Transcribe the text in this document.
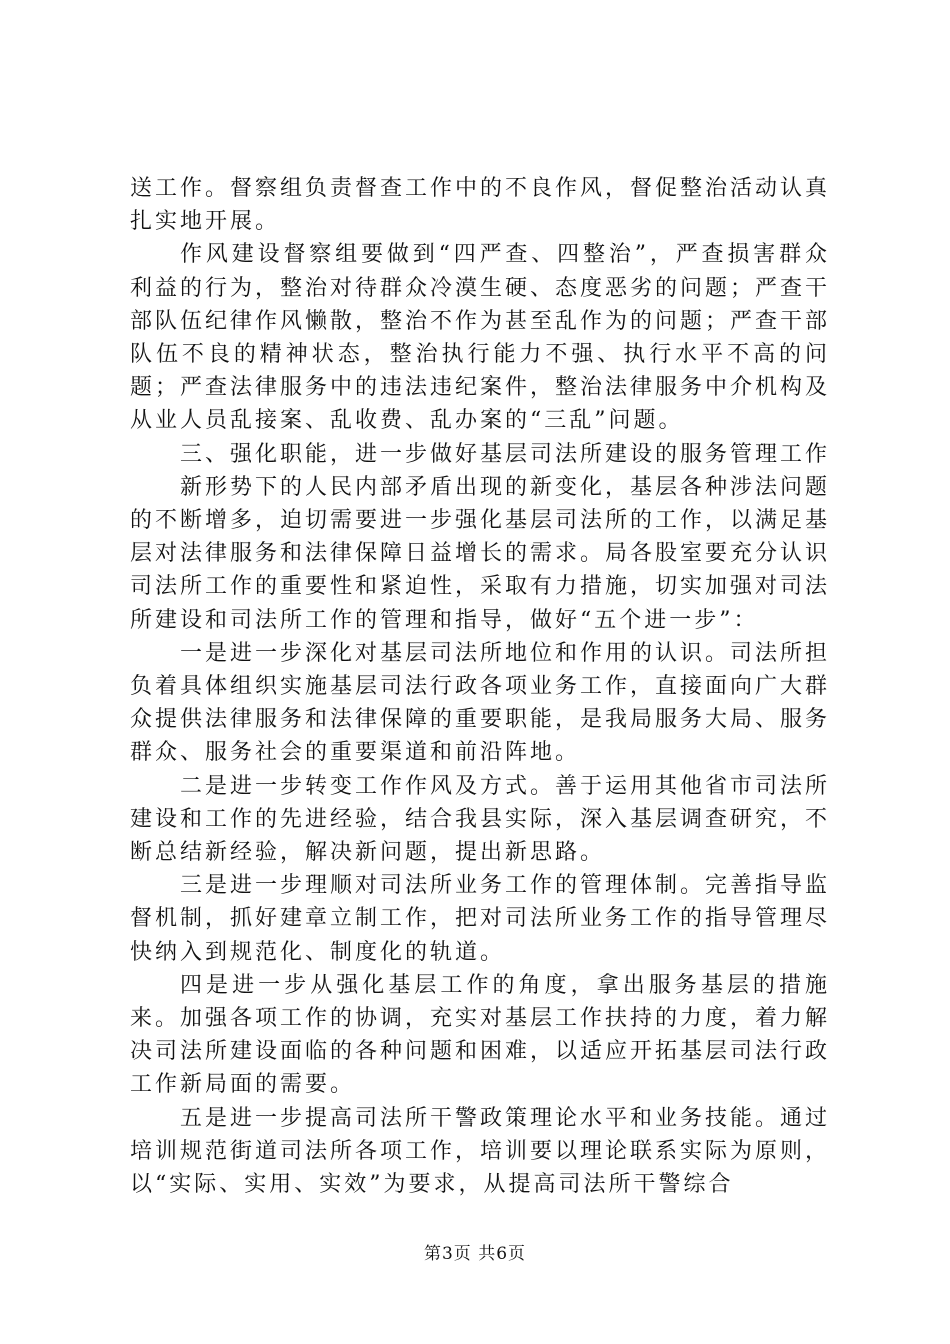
送工作。督察组负责督查工作中的不良作风，督促整治活动认真扎实地开展。

作风建设督察组要做到“四严查、四整治”，严查损害群众利益的行为，整治对待群众冷漠生硬、态度恶劣的问题；严查干部队伍纪律作风懒散，整治不作为甚至乱作为的问题；严查干部队伍不良的精神状态，整治执行能力不强、执行水平不高的问题；严查法律服务中的违法违纪案件，整治法律服务中介机构及从业人员乱接案、乱收费、乱办案的“三乱”问题。

三、强化职能，进一步做好基层司法所建设的服务管理工作

新形势下的人民内部矛盾出现的新变化，基层各种涉法问题的不断增多，迫切需要进一步强化基层司法所的工作，以满足基层对法律服务和法律保障日益增长的需求。局各股室要充分认识司法所工作的重要性和紧迫性，采取有力措施，切实加强对司法所建设和司法所工作的管理和指导，做好“五个进一步”：

一是进一步深化对基层司法所地位和作用的认识。司法所担负着具体组织实施基层司法行政各项业务工作，直接面向广大群众提供法律服务和法律保障的重要职能，是我局服务大局、服务群众、服务社会的重要渠道和前沿阵地。

二是进一步转变工作作风及方式。善于运用其他省市司法所建设和工作的先进经验，结合我县实际，深入基层调查研究，不断总结新经验，解决新问题，提出新思路。

三是进一步理顺对司法所业务工作的管理体制。完善指导监督机制，抓好建章立制工作，把对司法所业务工作的指导管理尽快纳入到规范化、制度化的轨道。

四是进一步从强化基层工作的角度，拿出服务基层的措施来。加强各项工作的协调，充实对基层工作扶持的力度，着力解决司法所建设面临的各种问题和困难，以适应开拓基层司法行政工作新局面的需要。

五是进一步提高司法所干警政策理论水平和业务技能。通过培训规范街道司法所各项工作，培训要以理论联系实际为原则，以“实际、实用、实效”为要求，从提高司法所干警综合

第3页 共6页
